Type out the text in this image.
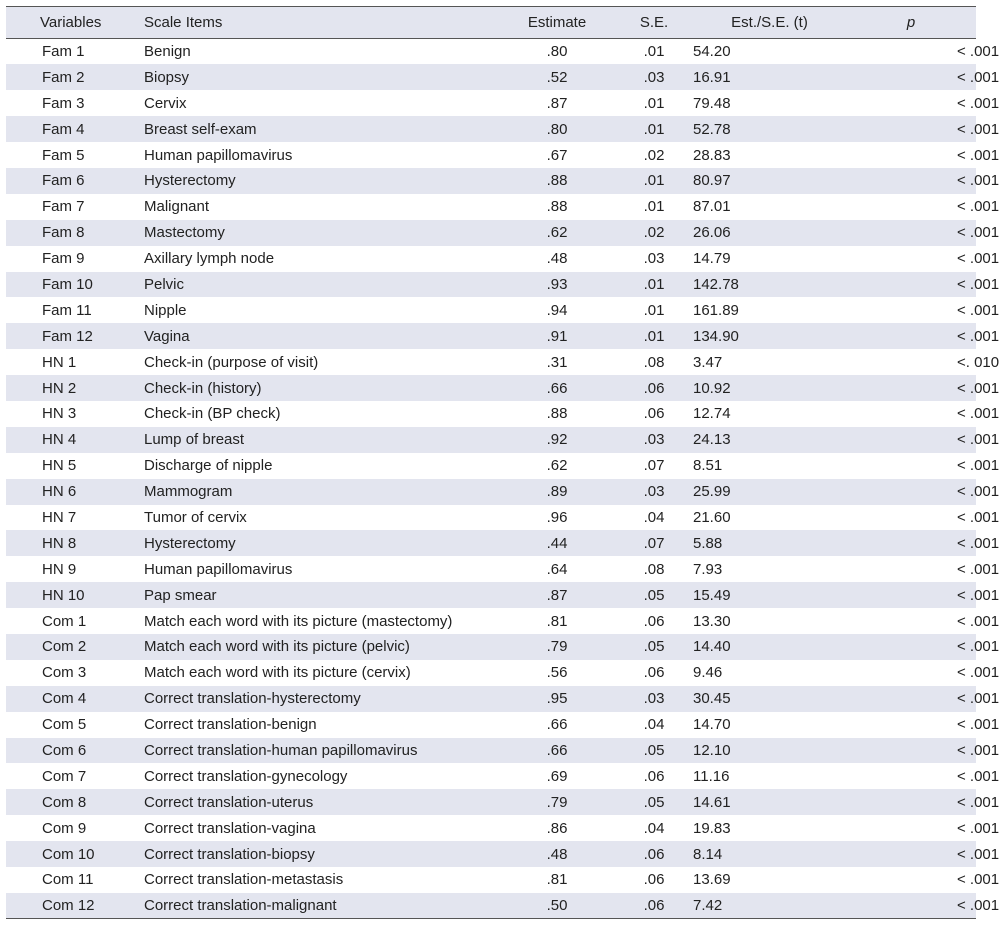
Variables	Scale Items	Estimate	S.E.	Est./S.E. (t)	p
Fam 1	Benign	.80	.01	54.20	< .001
Fam 2	Biopsy	.52	.03	16.91	< .001
Fam 3	Cervix	.87	.01	79.48	< .001
Fam 4	Breast self-exam	.80	.01	52.78	< .001
Fam 5	Human papillomavirus	.67	.02	28.83	< .001
Fam 6	Hysterectomy	.88	.01	80.97	< .001
Fam 7	Malignant	.88	.01	87.01	< .001
Fam 8	Mastectomy	.62	.02	26.06	< .001
Fam 9	Axillary lymph node	.48	.03	14.79	< .001
Fam 10	Pelvic	.93	.01	142.78	< .001
Fam 11	Nipple	.94	.01	161.89	< .001
Fam 12	Vagina	.91	.01	134.90	< .001
HN 1	Check-in (purpose of visit)	.31	.08	3.47	<. 010
HN 2	Check-in (history)	.66	.06	10.92	< .001
HN 3	Check-in (BP check)	.88	.06	12.74	< .001
HN 4	Lump of breast	.92	.03	24.13	< .001
HN 5	Discharge of nipple	.62	.07	8.51	< .001
HN 6	Mammogram	.89	.03	25.99	< .001
HN 7	Tumor of cervix	.96	.04	21.60	< .001
HN 8	Hysterectomy	.44	.07	5.88	< .001
HN 9	Human papillomavirus	.64	.08	7.93	< .001
HN 10	Pap smear	.87	.05	15.49	< .001
Com 1	Match each word with its picture (mastectomy)	.81	.06	13.30	< .001
Com 2	Match each word with its picture (pelvic)	.79	.05	14.40	< .001
Com 3	Match each word with its picture (cervix)	.56	.06	9.46	< .001
Com 4	Correct translation-hysterectomy	.95	.03	30.45	< .001
Com 5	Correct translation-benign	.66	.04	14.70	< .001
Com 6	Correct translation-human papillomavirus	.66	.05	12.10	< .001
Com 7	Correct translation-gynecology	.69	.06	11.16	< .001
Com 8	Correct translation-uterus	.79	.05	14.61	< .001
Com 9	Correct translation-vagina	.86	.04	19.83	< .001
Com 10	Correct translation-biopsy	.48	.06	8.14	< .001
Com 11	Correct translation-metastasis	.81	.06	13.69	< .001
Com 12	Correct translation-malignant	.50	.06	7.42	< .001
